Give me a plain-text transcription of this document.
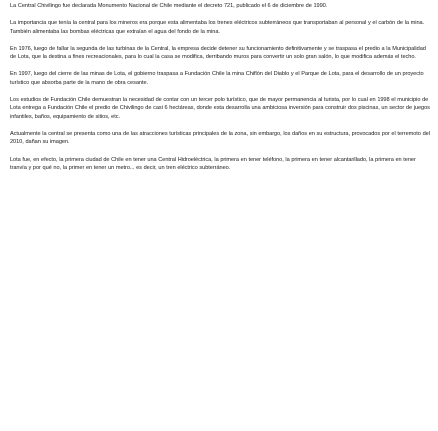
La Central Chivilingo fue declarada Monumento Nacional de Chile mediante el decreto 721, publicado el 6 de diciembre de 1990.

La importancia que tenía la central para los mineros era porque esta alimentaba los trenes eléctricos subterráneos que transportaban al personal y el carbón de la mina. También alimentaba las bombas eléctricas que extraían el agua del fondo de la mina.

En 1976, luego de fallar la segunda de las turbinas de la Central, la empresa decide detener su funcionamiento definitivamente y se traspasa el predio a la Municipalidad de Lota, que la destina a fines recreacionales, para lo cual la casa se modifica, derribando muros para convertir un solo gran salón, lo que modifica además el techo.

En 1997, luego del cierre de las minas de Lota, el gobierno traspasa a Fundación Chile la mina Chiflón del Diablo y el Parque de Lota, para el desarrollo de un proyecto turístico que absorba parte de la mano de obra cesante.

Los estudios de Fundación Chile demuestran la necesidad de contar con un tercer polo turístico, que de mayor permanencia al turista, por lo cual en 1998 el municipio de Lota entrega a Fundación Chile el predio de Chivilingo de casi 6 hectáreas, donde esta desarrolla una ambiciosa inversión para construir dos piscinas, un sector de juegos infantiles, baños, equipamiento de sitios, etc.

Actualmente la central se presenta como una de las atracciones turísticas principales de la zona, sin embargo, los daños en su estructura, provocados por el terremoto del 2010, dañan su imagen.

Lota fue, en efecto, la primera ciudad de Chile en tener una Central Hidroeléctrica, la primera en tener teléfono, la primera en tener alcantarillado, la primera en tener tranvía y por qué no, la primer en tener un metro... es decir, un tren eléctrico subterráneo.
